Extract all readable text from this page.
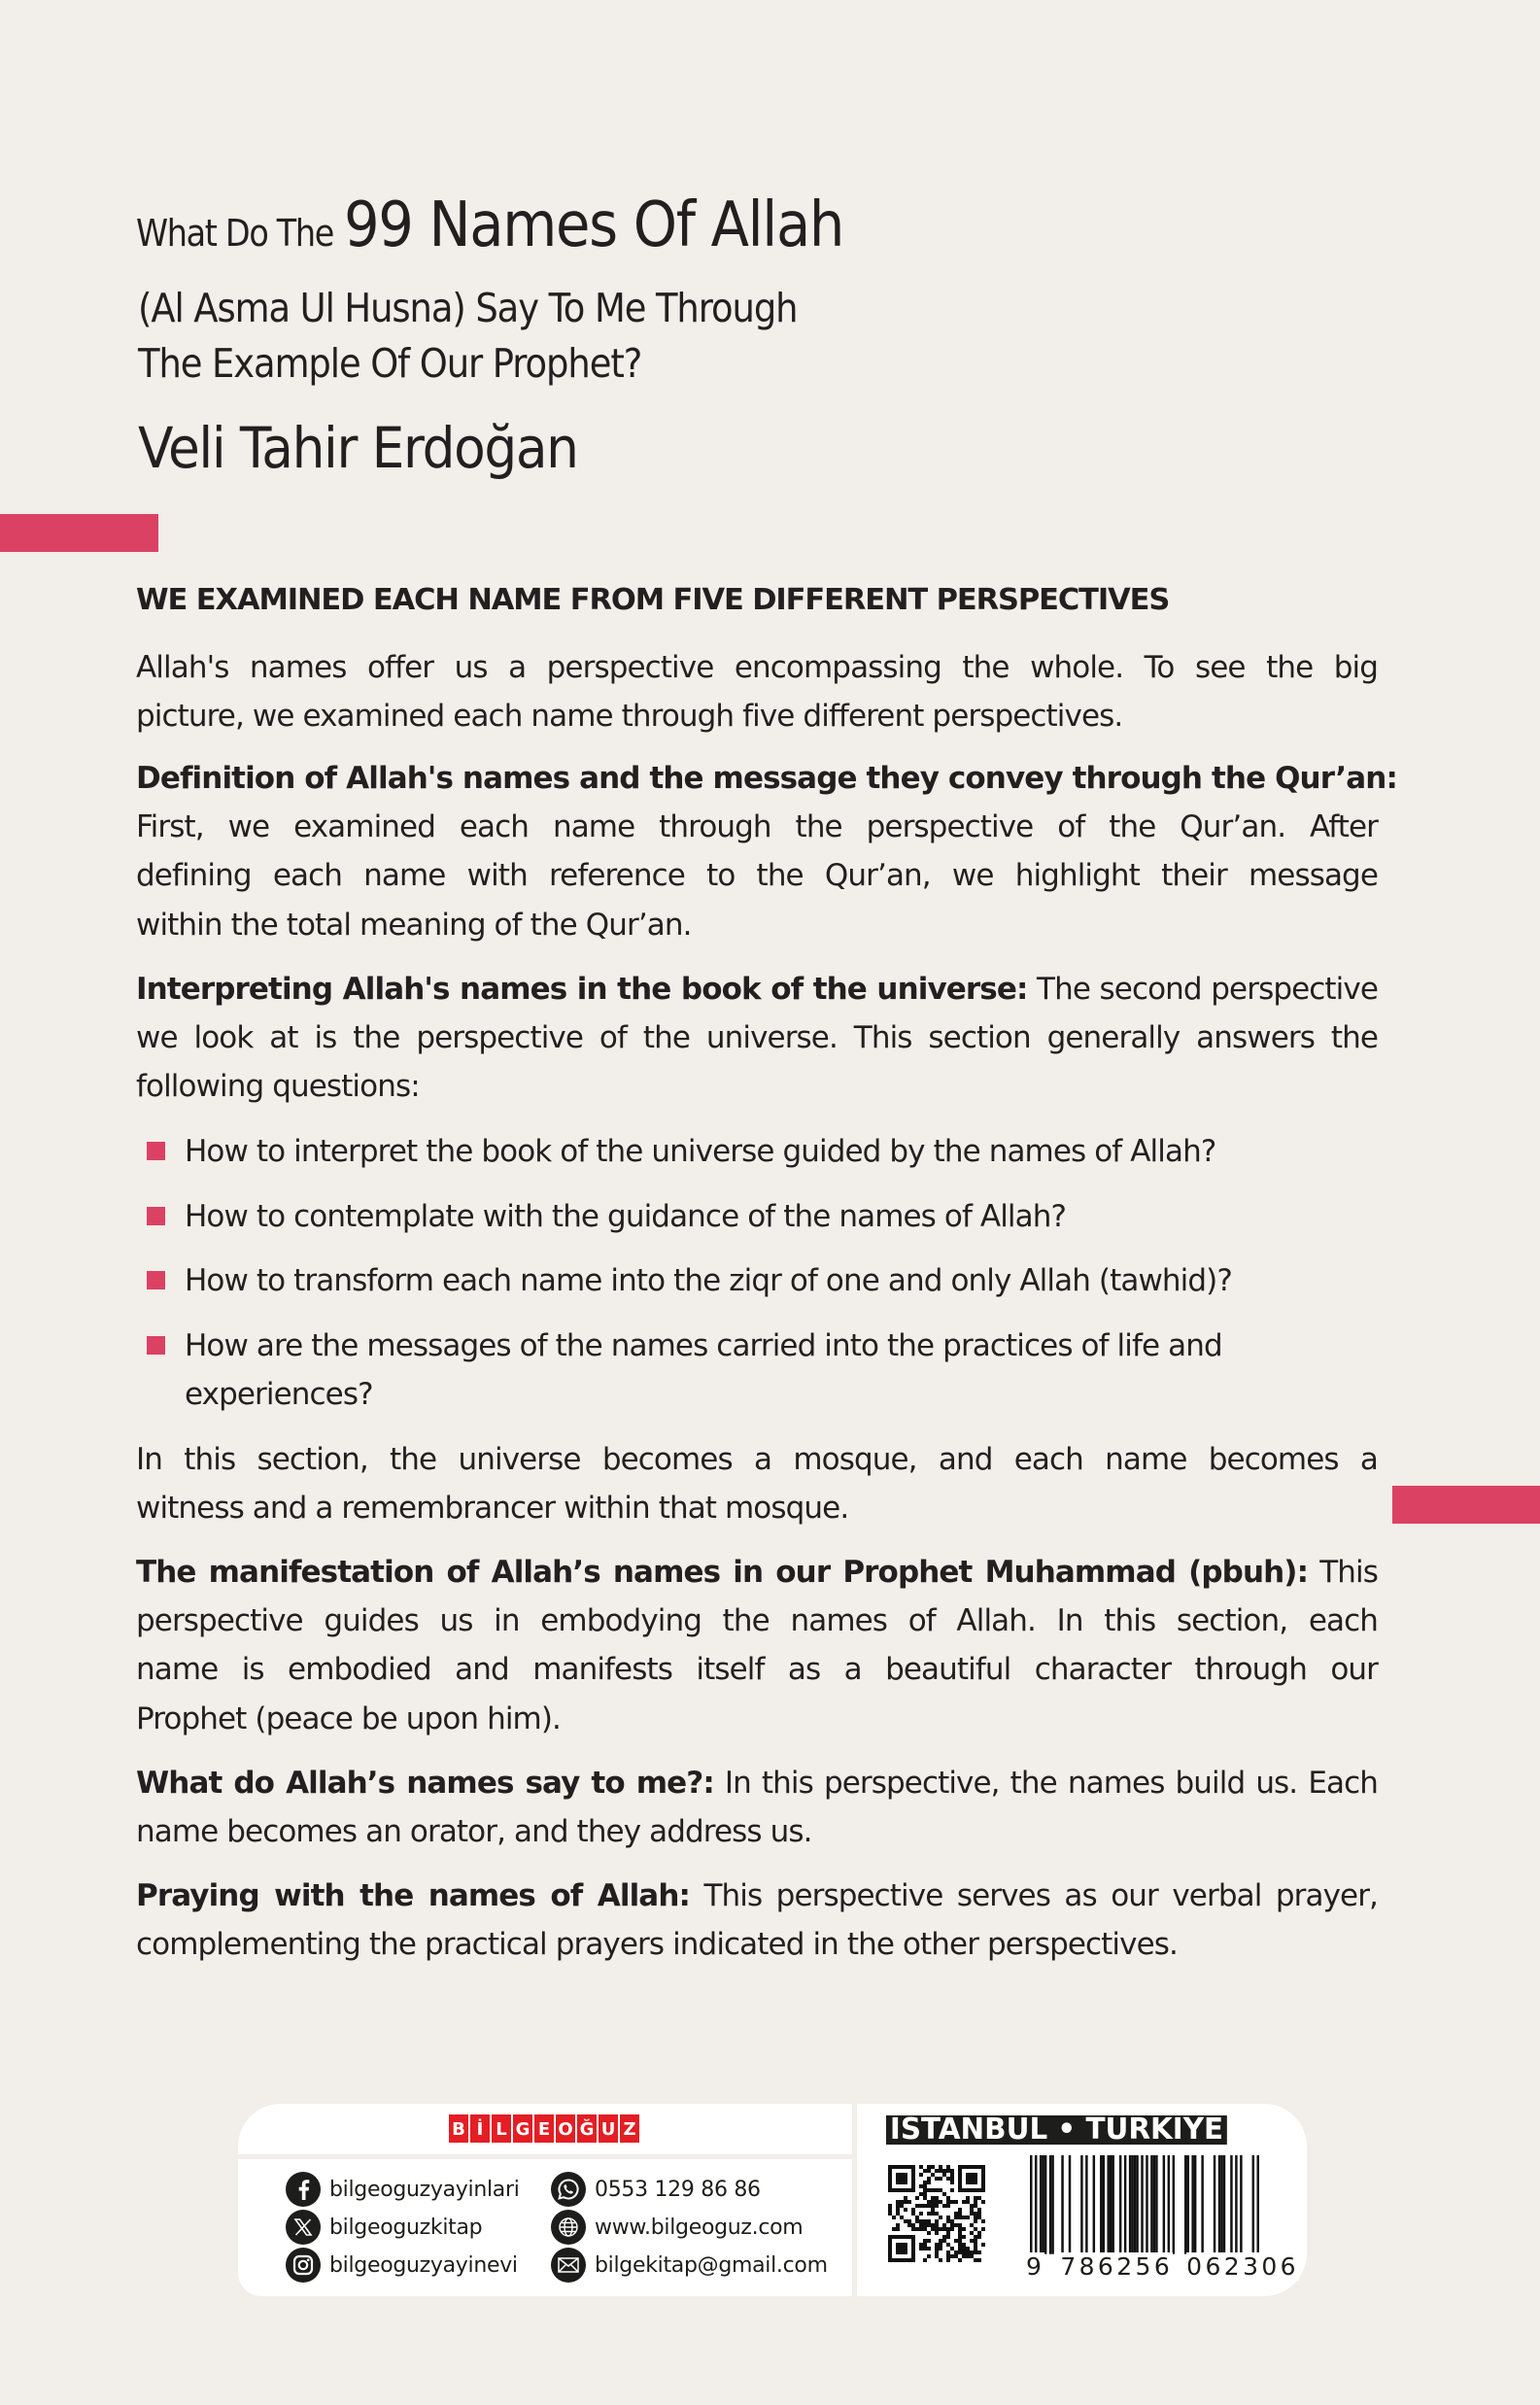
What Do The 99 Names Of Allah
(Al Asma Ul Husna) Say To Me Through
The Example Of Our Prophet?
Veli Tahir Erdoğan
WE EXAMINED EACH NAME FROM FIVE DIFFERENT PERSPECTIVES
Allah's names offer us a perspective encompassing the whole. To see the big
picture, we examined each name through five different perspectives.
Definition of Allah's names and the message they convey through the Qur’an:
First, we examined each name through the perspective of the Qur’an. After
defining each name with reference to the Qur’an, we highlight their message
within the total meaning of the Qur’an.
Interpreting Allah's names in the book of the universe: The second perspective
we look at is the perspective of the universe. This section generally answers the
following questions:
How to interpret the book of the universe guided by the names of Allah?
How to contemplate with the guidance of the names of Allah?
How to transform each name into the ziqr of one and only Allah (tawhid)?
How are the messages of the names carried into the practices of life and
experiences?
In this section, the universe becomes a mosque, and each name becomes a
witness and a remembrancer within that mosque.
The manifestation of Allah’s names in our Prophet Muhammad (pbuh): This
perspective guides us in embodying the names of Allah. In this section, each
name is embodied and manifests itself as a beautiful character through our
Prophet (peace be upon him).
What do Allah’s names say to me?: In this perspective, the names build us. Each
name becomes an orator, and they address us.
Praying with the names of Allah: This perspective serves as our verbal prayer,
complementing the practical prayers indicated in the other perspectives.
B İ L G E O Ğ U Z
bilgeoguzyayinlari
bilgeoguzkitap
bilgeoguzyayinevi
0553 129 86 86
www.bilgeoguz.com
bilgekitap@gmail.com
İSTANBUL • TÜRKİYE
9 786256 062306
